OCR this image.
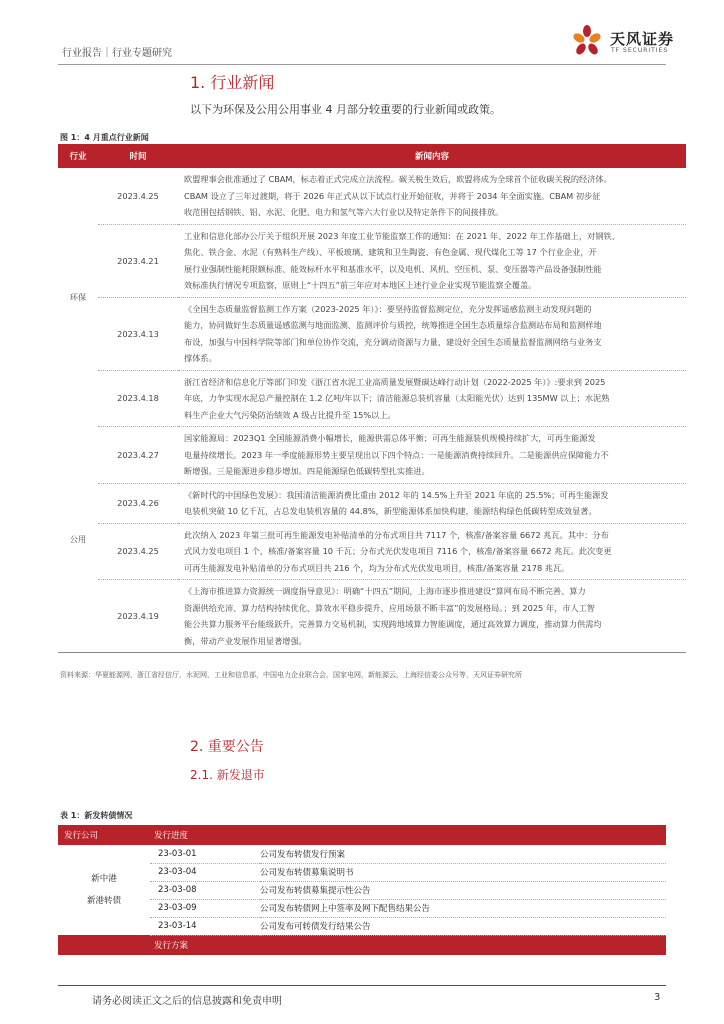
行业报告｜行业专题研究
天风证券
TF SECURITIES
1. 行业新闻
以下为环保及公用公用事业 4 月部分较重要的行业新闻或政策。
图 1：4 月重点行业新闻
行业	时间	新闻内容
环保	2023.4.25	欧盟理事会批准通过了 CBAM，标志着正式完成立法流程。碳关税生效后，欧盟将成为全球首个征收碳关税的经济体。
CBAM 设立了三年过渡期，将于 2026 年正式从以下试点行业开始征收，并将于 2034 年全面实施。CBAM 初步征
收范围包括钢铁、铝、水泥、化肥、电力和氢气等六大行业以及特定条件下的间接排放。

	2023.4.21	工业和信息化部办公厅关于组织开展 2023 年度工业节能监察工作的通知：在 2021 年、2022 年工作基础上，对钢铁、
焦化、铁合金、水泥（有熟料生产线）、平板玻璃、建筑和卫生陶瓷、有色金属、现代煤化工等 17 个行业企业，开
展行业强制性能耗限额标准、能效标杆水平和基准水平，以及电机、风机、空压机、泵、变压器等产品设备强制性能
效标准执行情况专项监察，原则上“十四五”前三年应对本地区上述行业企业实现节能监察全覆盖。

	2023.4.13	《全国生态质量监督监测工作方案（2023-2025 年）》：要坚持监督监测定位，充分发挥遥感监测主动发现问题的
能力，协同做好生态质量遥感监测与地面监测、监测评价与质控，统筹推进全国生态质量综合监测站布局和监测样地
布设，加强与中国科学院等部门和单位协作交流，充分调动资源与力量，建设好全国生态质量监督监测网络与业务支
撑体系。

	2023.4.18	浙江省经济和信息化厅等部门印发《浙江省水泥工业高质量发展暨碳达峰行动计划（2022-2025 年）》:要求到 2025
年底，力争实现水泥总产量控制在 1.2 亿吨/年以下；清洁能源总装机容量（太阳能光伏）达到 135MW 以上；水泥熟
料生产企业大气污染防治绩效 A 级占比提升至 15%以上。

公用	2023.4.27	国家能源局：2023Q1 全国能源消费小幅增长，能源供需总体平衡；可再生能源装机规模持续扩大，可再生能源发
电量持续增长。2023 年一季度能源形势主要呈现出以下四个特点：一是能源消费持续回升。二是能源供应保障能力不
断增强。三是能源进步稳步增加。四是能源绿色低碳转型扎实推进。

	2023.4.26	《新时代的中国绿色发展》：我国清洁能源消费比重由 2012 年的 14.5%上升至 2021 年底的 25.5%；可再生能源发
电装机突破 10 亿千瓦，占总发电装机容量的 44.8%，新型能源体系加快构建，能源结构绿色低碳转型成效显著。

	2023.4.25	此次纳入 2023 年第三批可再生能源发电补贴清单的分布式项目共 7117 个，核准/备案容量 6672 兆瓦。其中：分布
式风力发电项目 1 个，核准/备案容量 10 千瓦；分布式光伏发电项目 7116 个，核准/备案容量 6672 兆瓦。此次变更
可再生能源发电补贴清单的分布式项目共 216 个，均为分布式光伏发电项目，核准/备案容量 2178 兆瓦。

	2023.4.19	《上海市推进算力资源统一调度指导意见》：明确“十四五”期间，上海市逐步推进建设“算网布局不断完善、算力
资源供给充沛、算力结构持续优化、算效水平稳步提升、应用场景不断丰富”的发展格局。；到 2025 年，市人工智
能公共算力服务平台能级跃升，完善算力交易机制，实现跨地域算力智能调度，通过高效算力调度，推动算力供需均
衡，带动产业发展作用显著增强。
资料来源：华夏能源网，浙江省经信厅，水泥网，工业和信息部，中国电力企业联合会，国家电网，新能源云，上海经信委公众号等，天风证券研究所
2. 重要公告
2.1. 新发退市
表 1：新发转债情况
发行公司	发行进度	

新中港
新港转债	23-03-01	公司发布转债发行预案
	23-03-04	公司发布转债募集说明书
	23-03-08	公司发布转债募集提示性公告
	23-03-09	公司发布转债网上中签率及网下配售结果公告
	23-03-14	公司发布可转债发行结果公告
	发行方案	
请务必阅读正文之后的信息披露和免责申明	3
